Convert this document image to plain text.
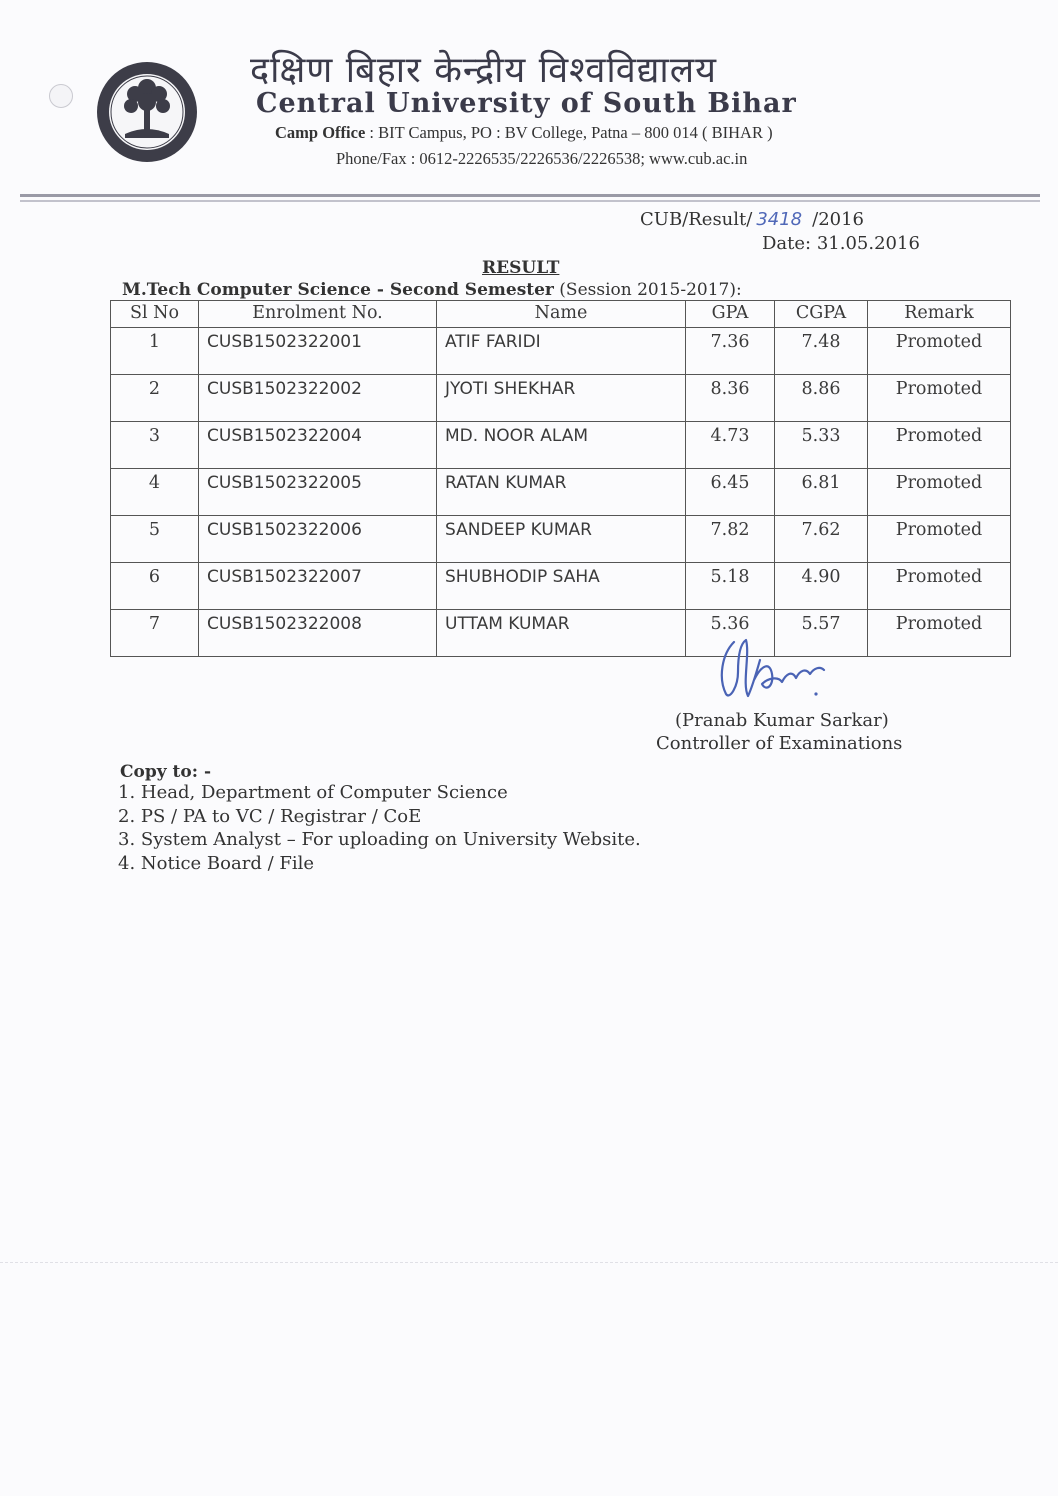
दक्षिण बिहार केन्द्रीय विश्वविद्यालय
Central University of South Bihar
Camp Office : BIT Campus, PO : BV College, Patna – 800 014 ( BIHAR )
Phone/Fax : 0612-2226535/2226536/2226538; www.cub.ac.in
CUB/Result/ 3418 /2016
Date: 31.05.2016
RESULT
M.Tech Computer Science - Second Semester (Session 2015-2017):
Sl No	Enrolment No.	Name	GPA	CGPA	Remark
1	CUSB1502322001	ATIF FARIDI	7.36	7.48	Promoted
2	CUSB1502322002	JYOTI SHEKHAR	8.36	8.86	Promoted
3	CUSB1502322004	MD. NOOR ALAM	4.73	5.33	Promoted
4	CUSB1502322005	RATAN KUMAR	6.45	6.81	Promoted
5	CUSB1502322006	SANDEEP KUMAR	7.82	7.62	Promoted
6	CUSB1502322007	SHUBHODIP SAHA	5.18	4.90	Promoted
7	CUSB1502322008	UTTAM KUMAR	5.36	5.57	Promoted
(Pranab Kumar Sarkar)
Controller of Examinations
Copy to: -
1. Head, Department of Computer Science
2. PS / PA to VC / Registrar / CoE
3. System Analyst – For uploading on University Website.
4. Notice Board / File
